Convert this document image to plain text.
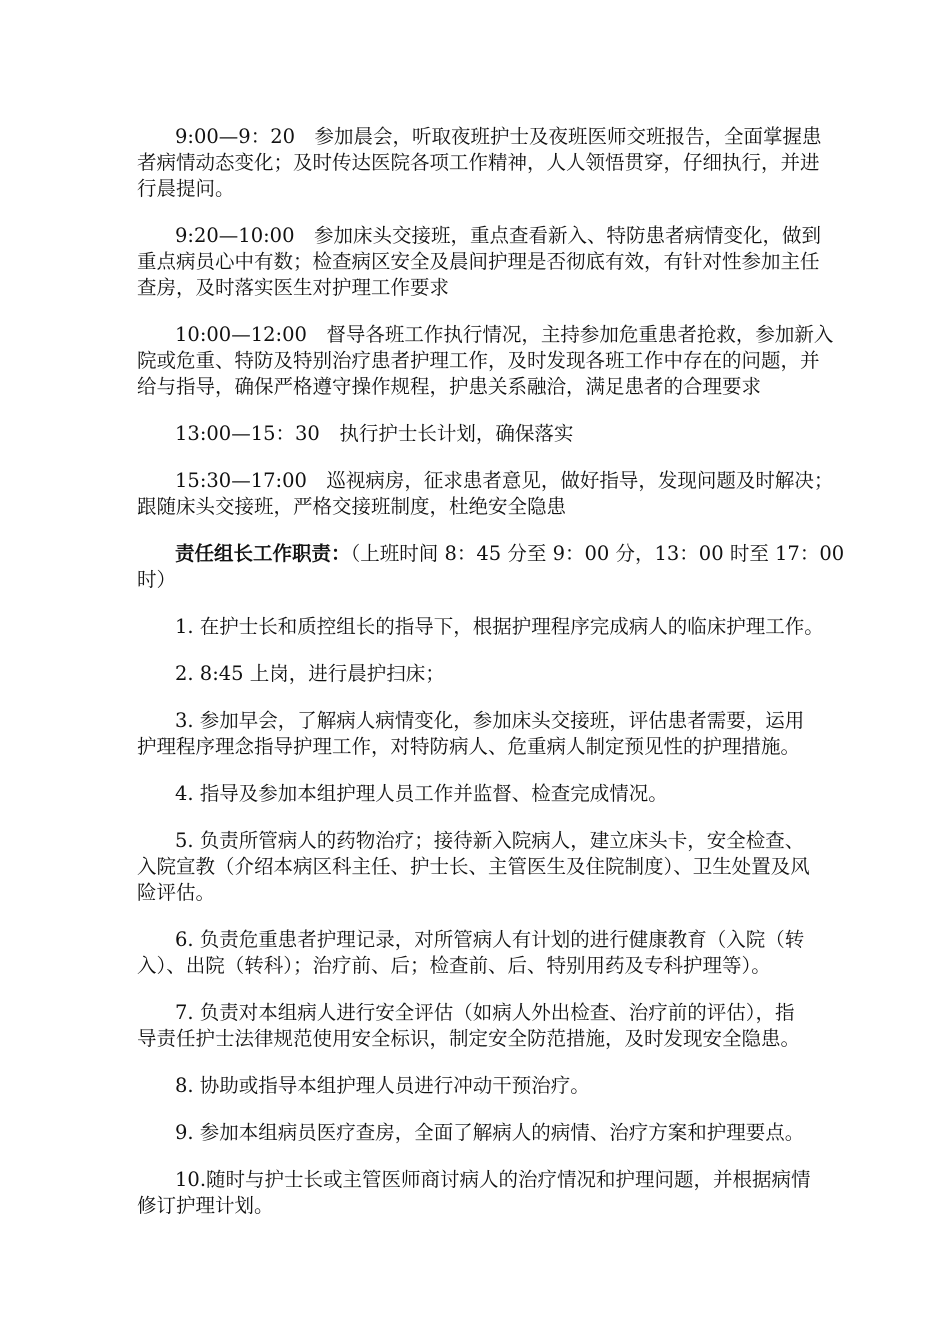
9:00—9：20　参加晨会，听取夜班护士及夜班医师交班报告，全面掌握患
者病情动态变化；及时传达医院各项工作精神，人人领悟贯穿，仔细执行，并进
行晨提问。
9:20—10:00　参加床头交接班，重点查看新入、特防患者病情变化，做到
重点病员心中有数；检查病区安全及晨间护理是否彻底有效，有针对性参加主任
查房，及时落实医生对护理工作要求
10:00—12:00　督导各班工作执行情况，主持参加危重患者抢救，参加新入
院或危重、特防及特别治疗患者护理工作，及时发现各班工作中存在的问题，并
给与指导，确保严格遵守操作规程，护患关系融洽，满足患者的合理要求
13:00—15：30　执行护士长计划，确保落实
15:30—17:00　巡视病房，征求患者意见，做好指导，发现问题及时解决；
跟随床头交接班，严格交接班制度，杜绝安全隐患
责任组长工作职责：（上班时间 8：45 分至 9：00 分，13：00 时至 17：00
时）
1. 在护士长和质控组长的指导下，根据护理程序完成病人的临床护理工作。
2. 8:45 上岗，进行晨护扫床；
3. 参加早会，了解病人病情变化，参加床头交接班，评估患者需要，运用
护理程序理念指导护理工作，对特防病人、危重病人制定预见性的护理措施。
4. 指导及参加本组护理人员工作并监督、检查完成情况。
5. 负责所管病人的药物治疗；接待新入院病人，建立床头卡，安全检查、
入院宣教（介绍本病区科主任、护士长、主管医生及住院制度）、卫生处置及风
险评估。
6. 负责危重患者护理记录，对所管病人有计划的进行健康教育（入院（转
入）、出院（转科）；治疗前、后；检查前、后、特别用药及专科护理等）。
7. 负责对本组病人进行安全评估（如病人外出检查、治疗前的评估），指
导责任护士法律规范使用安全标识，制定安全防范措施，及时发现安全隐患。
8. 协助或指导本组护理人员进行冲动干预治疗。
9. 参加本组病员医疗查房，全面了解病人的病情、治疗方案和护理要点。
10.随时与护士长或主管医师商讨病人的治疗情况和护理问题，并根据病情
修订护理计划。
